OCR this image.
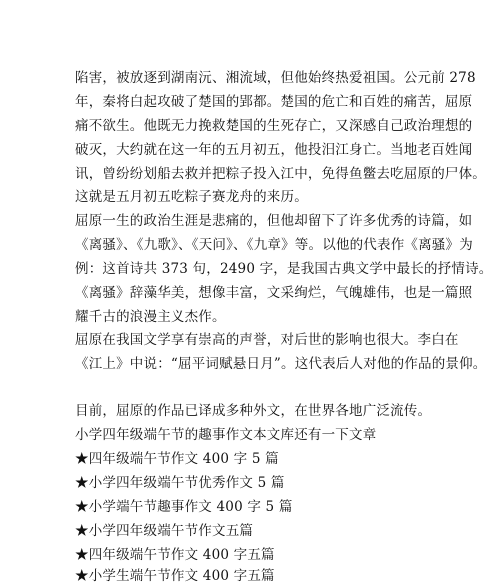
陷害，被放逐到湖南沅、湘流域，但他始终热爱祖国。公元前 278
年，秦将白起攻破了楚国的郢都。楚国的危亡和百姓的痛苦，屈原
痛不欲生。他既无力挽救楚国的生死存亡，又深感自己政治理想的
破灭，大约就在这一年的五月初五，他投汨江身亡。当地老百姓闻
讯，曾纷纷划船去救并把粽子投入江中，免得鱼鳖去吃屈原的尸体。
这就是五月初五吃粽子赛龙舟的来历。
屈原一生的政治生涯是悲痛的，但他却留下了许多优秀的诗篇，如
《离骚》、《九歌》、《天问》、《九章》等。以他的代表作《离骚》为
例：这首诗共 373 句，2490 字，是我国古典文学中最长的抒情诗。
《离骚》辞藻华美，想像丰富，文采绚烂，气魄雄伟，也是一篇照
耀千古的浪漫主义杰作。
屈原在我国文学享有崇高的声誉，对后世的影响也很大。李白在
《江上》中说：“屈平词赋悬日月”。这代表后人对他的作品的景仰。
目前，屈原的作品已译成多种外文，在世界各地广泛流传。
小学四年级端午节的趣事作文本文库还有一下文章
★四年级端午节作文 400 字 5 篇
★小学四年级端午节优秀作文 5 篇
★小学端午节趣事作文 400 字 5 篇
★小学四年级端午节作文五篇
★四年级端午节作文 400 字五篇
★小学生端午节作文 400 字五篇
